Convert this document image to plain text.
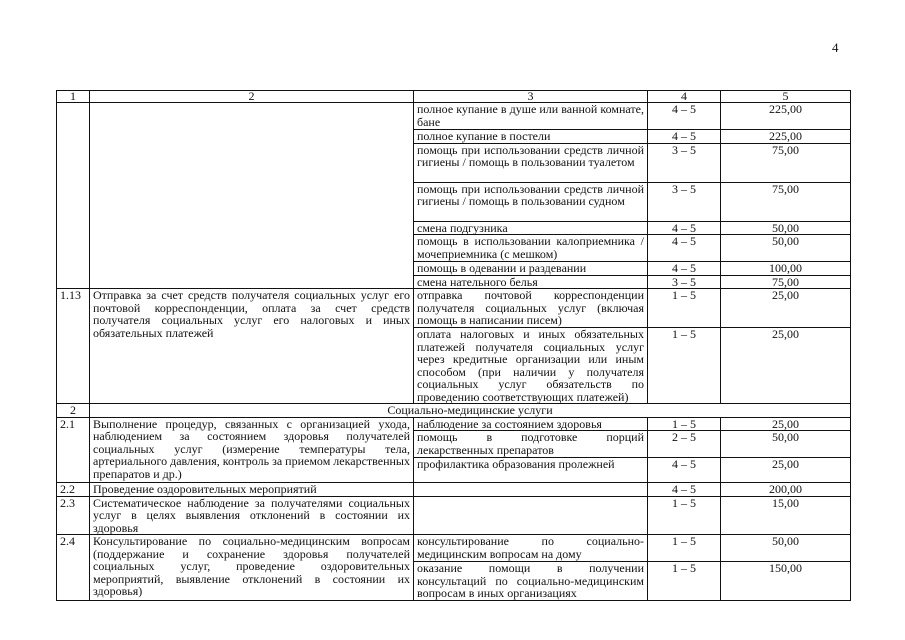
4
1	2	3	4	5
		полное купание в душе или ванной комнате, бане	4 – 5	225,00
		полное купание в постели	4 – 5	225,00
		помощь при использовании средств личной гигиены / помощь в пользовании туалетом	3 – 5	75,00
		помощь при использовании средств личной гигиены / помощь в пользовании судном	3 – 5	75,00
		смена подгузника	4 – 5	50,00
		помощь в использовании калоприемника / мочеприемника (с мешком)	4 – 5	50,00
		помощь в одевании и раздевании	4 – 5	100,00
		смена нательного белья	3 – 5	75,00
1.13	Отправка за счет средств получателя социальных услуг его почтовой корреспонденции, оплата за счет средств получателя социальных услуг его налоговых и иных обязательных платежей	отправка почтовой корреспонденции получателя социальных услуг (включая помощь в написании писем)	1 – 5	25,00
		оплата налоговых и иных обязательных платежей получателя социальных услуг через кредитные организации или иным способом (при наличии у получателя социальных услуг обязательств по проведению соответствующих платежей)	1 – 5	25,00
2	Социально-медицинские услуги			
2.1	Выполнение процедур, связанных с организацией ухода, наблюдением за состоянием здоровья получателей социальных услуг (измерение температуры тела, артериального давления, контроль за приемом лекарственных препаратов и др.)	наблюдение за состоянием здоровья	1 – 5	25,00
		помощь в подготовке порций лекарственных препаратов	2 – 5	50,00
		профилактика образования пролежней	4 – 5	25,00
2.2	Проведение оздоровительных мероприятий		4 – 5	200,00
2.3	Систематическое наблюдение за получателями социальных услуг в целях выявления отклонений в состоянии их здоровья		1 – 5	15,00
2.4	Консультирование по социально-медицинским вопросам (поддержание и сохранение здоровья получателей социальных услуг, проведение оздоровительных мероприятий, выявление отклонений в состоянии их здоровья)	консультирование по социально-медицинским вопросам на дому	1 – 5	50,00
		оказание помощи в получении консультаций по социально-медицинским вопросам в иных организациях	1 – 5	150,00
